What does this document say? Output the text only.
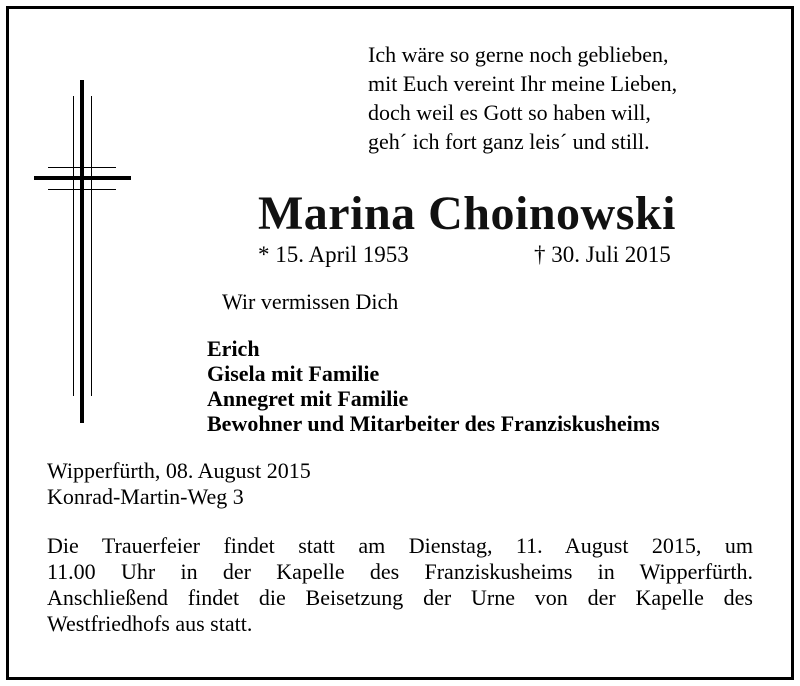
Ich wäre so gerne noch geblieben,
mit Euch vereint Ihr meine Lieben,
doch weil es Gott so haben will,
geh´ ich fort ganz leis´ und still.
Marina Choinowski
* 15. April 1953	† 30. Juli 2015
Wir vermissen Dich
Erich
Gisela mit Familie
Annegret mit Familie
Bewohner und Mitarbeiter des Franziskusheims
Wipperfürth, 08. August 2015
Konrad-Martin-Weg 3
Die Trauerfeier findet statt am Dienstag, 11. August 2015, um
11.00 Uhr in der Kapelle des Franziskusheims in Wipperfürth.
Anschließend findet die Beisetzung der Urne von der Kapelle des
Westfriedhofs aus statt.
